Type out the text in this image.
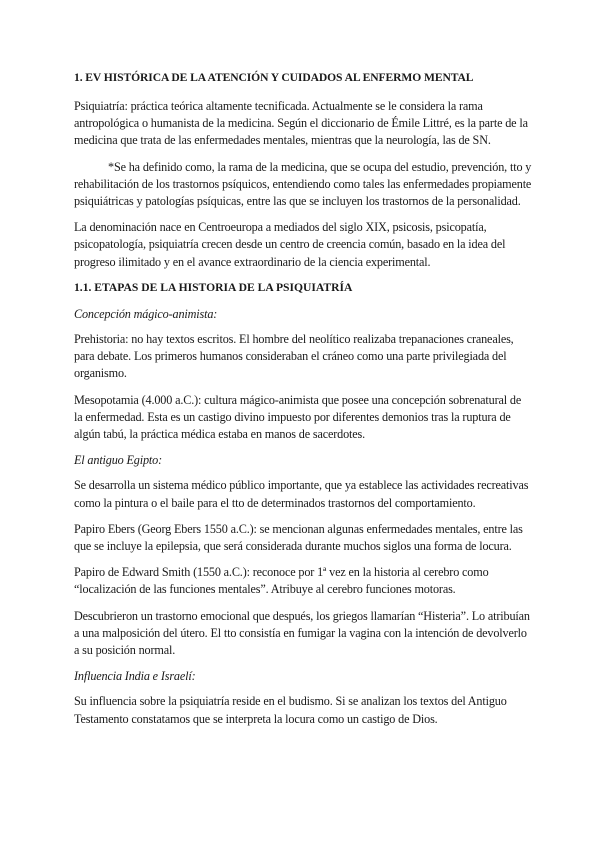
1. EV HISTÓRICA DE LA ATENCIÓN Y CUIDADOS AL ENFERMO MENTAL

Psiquiatría: práctica teórica altamente tecnificada. Actualmente se le considera la rama antropológica o humanista de la medicina. Según el diccionario de Émile Littré, es la parte de la medicina que trata de las enfermedades mentales, mientras que la neurología, las de SN.

*Se ha definido como, la rama de la medicina, que se ocupa del estudio, prevención, tto y rehabilitación de los trastornos psíquicos, entendiendo como tales las enfermedades propiamente psiquiátricas y patologías psíquicas, entre las que se incluyen los trastornos de la personalidad.

La denominación nace en Centroeuropa a mediados del siglo XIX, psicosis, psicopatía, psicopatología, psiquiatría crecen desde un centro de creencia común, basado en la idea del progreso ilimitado y en el avance extraordinario de la ciencia experimental.

1.1. ETAPAS DE LA HISTORIA DE LA PSIQUIATRÍA

Concepción mágico-animista:

Prehistoria: no hay textos escritos. El hombre del neolítico realizaba trepanaciones craneales, para debate. Los primeros humanos consideraban el cráneo como una parte privilegiada del organismo.

Mesopotamia (4.000 a.C.): cultura mágico-animista que posee una concepción sobrenatural de la enfermedad. Esta es un castigo divino impuesto por diferentes demonios tras la ruptura de algún tabú, la práctica médica estaba en manos de sacerdotes.

El antiguo Egipto:

Se desarrolla un sistema médico público importante, que ya establece las actividades recreativas como la pintura o el baile para el tto de determinados trastornos del comportamiento.

Papiro Ebers (Georg Ebers 1550 a.C.): se mencionan algunas enfermedades mentales, entre las que se incluye la epilepsia, que será considerada durante muchos siglos una forma de locura.

Papiro de Edward Smith (1550 a.C.): reconoce por 1ª vez en la historia al cerebro como “localización de las funciones mentales”. Atribuye al cerebro funciones motoras.

Descubrieron un trastorno emocional que después, los griegos llamarían “Histeria”. Lo atribuían a una malposición del útero. El tto consistía en fumigar la vagina con la intención de devolverlo a su posición normal.

Influencia India e Israelí:

Su influencia sobre la psiquiatría reside en el budismo. Si se analizan los textos del Antiguo Testamento constatamos que se interpreta la locura como un castigo de Dios.
